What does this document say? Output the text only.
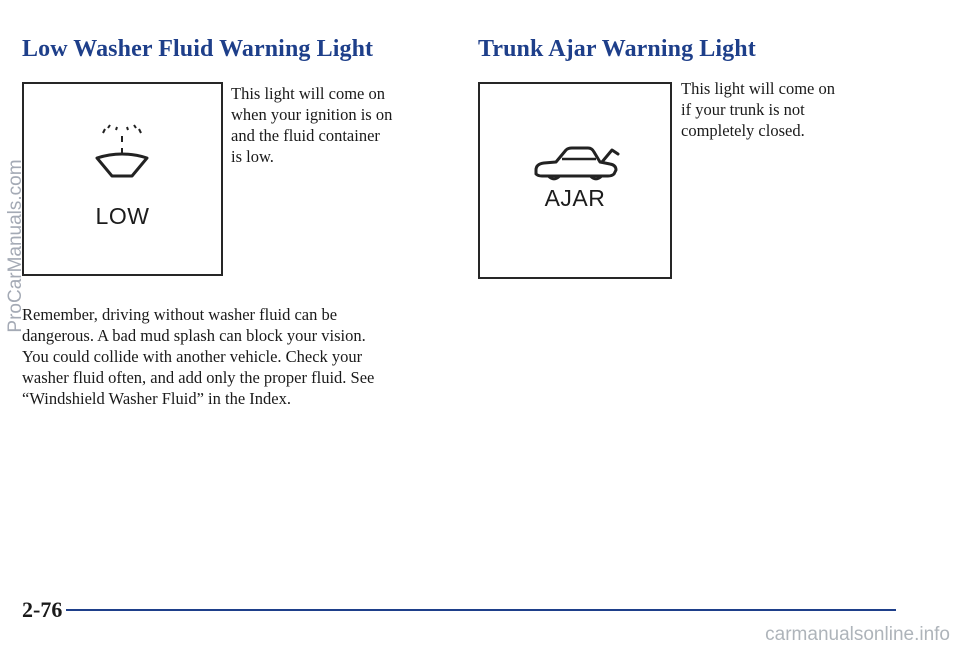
Low Washer Fluid Warning Light	Trunk Ajar Warning Light
LOW

This light will come on
when your ignition is on
and the fluid container
is low.

AJAR

This light will come on
if your trunk is not
completely closed.

Remember, driving without washer fluid can be
dangerous. A bad mud splash can block your vision.
You could collide with another vehicle. Check your
washer fluid often, and add only the proper fluid. See
“Windshield Washer Fluid” in the Index.

2-76
ProCarManuals.com
carmanualsonline.info
